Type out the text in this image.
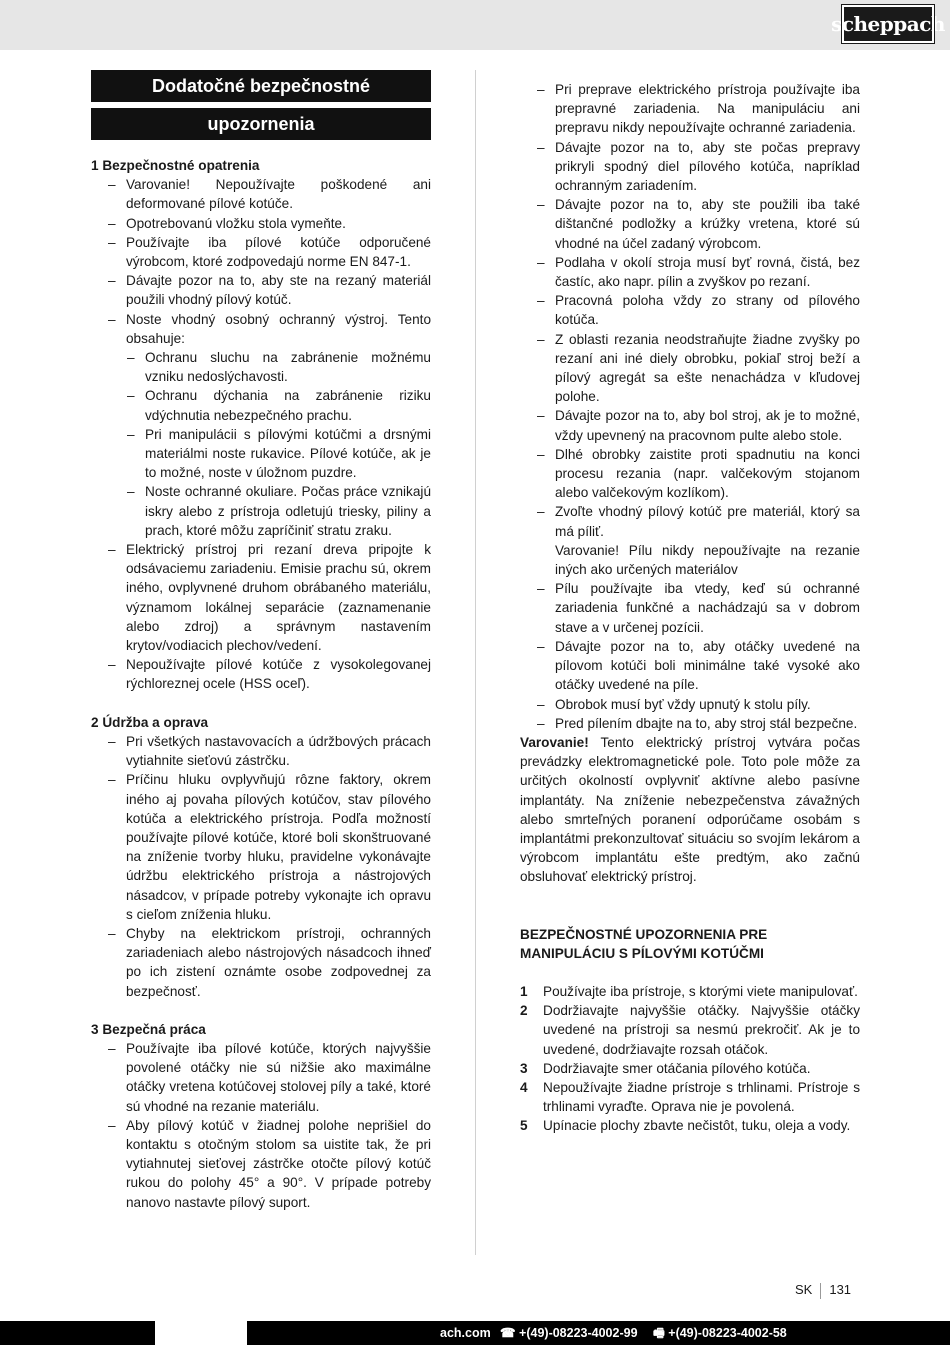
scheppach
Dodatočné bezpečnostné
upozornenia
1 Bezpečnostné opatrenia
– Varovanie! Nepoužívajte poškodené ani deformované pílové kotúče.
– Opotrebovanú vložku stola vymeňte.
– Používajte iba pílové kotúče odporučené výrobcom, ktoré zodpovedajú norme EN 847-1.
– Dávajte pozor na to, aby ste na rezaný materiál použili vhodný pílový kotúč.
– Noste vhodný osobný ochranný výstroj. Tento obsahuje:
– Ochranu sluchu na zabránenie možnému vzniku nedoslýchavosti.
– Ochranu dýchania na zabránenie riziku vdýchnutia nebezpečného prachu.
– Pri manipulácii s pílovými kotúčmi a drsnými materiálmi noste rukavice. Pílové kotúče, ak je to možné, noste v úložnom puzdre.
– Noste ochranné okuliare. Počas práce vznikajú iskry alebo z prístroja odletujú triesky, piliny a prach, ktoré môžu zapríčiniť stratu zraku.
– Elektrický prístroj pri rezaní dreva pripojte k odsávaciemu zariadeniu. Emisie prachu sú, okrem iného, ovplyvnené druhom obrábaného materiálu, významom lokálnej separácie (zaznamenanie alebo zdroj) a správnym nastavením krytov/vodiacich plechov/vedení.
– Nepoužívajte pílové kotúče z vysokolegovanej rýchloreznej ocele (HSS oceľ).
2 Údržba a oprava
– Pri všetkých nastavovacích a údržbových prácach vytiahnite sieťovú zástrčku.
– Príčinu hluku ovplyvňujú rôzne faktory, okrem iného aj povaha pílových kotúčov, stav pílového kotúča a elektrického prístroja. Podľa možností používajte pílové kotúče, ktoré boli skonštruované na zníženie tvorby hluku, pravidelne vykonávajte údržbu elektrického prístroja a nástrojových násadcov, v prípade potreby vykonajte ich opravu s cieľom zníženia hluku.
– Chyby na elektrickom prístroji, ochranných zariadeniach alebo nástrojových násadcoch ihneď po ich zistení oznámte osobe zodpovednej za bezpečnosť.
3 Bezpečná práca
– Používajte iba pílové kotúče, ktorých najvyššie povolené otáčky nie sú nižšie ako maximálne otáčky vretena kotúčovej stolovej píly a také, ktoré sú vhodné na rezanie materiálu.
– Aby pílový kotúč v žiadnej polohe neprišiel do kontaktu s otočným stolom sa uistite tak, že pri vytiahnutej sieťovej zástrčke otočte pílový kotúč rukou do polohy 45° a 90°. V prípade potreby nanovo nastavte pílový suport.
– Pri preprave elektrického prístroja používajte iba prepravné zariadenia. Na manipuláciu ani prepravu nikdy nepoužívajte ochranné zariadenia.
– Dávajte pozor na to, aby ste počas prepravy prikryli spodný diel pílového kotúča, napríklad ochranným zariadením.
– Dávajte pozor na to, aby ste použili iba také dištančné podložky a krúžky vretena, ktoré sú vhodné na účel zadaný výrobcom.
– Podlaha v okolí stroja musí byť rovná, čistá, bez častíc, ako napr. pílin a zvyškov po rezaní.
– Pracovná poloha vždy zo strany od pílového kotúča.
– Z oblasti rezania neodstraňujte žiadne zvyšky po rezaní ani iné diely obrobku, pokiaľ stroj beží a pílový agregát sa ešte nenachádza v kľudovej polohe.
– Dávajte pozor na to, aby bol stroj, ak je to možné, vždy upevnený na pracovnom pulte alebo stole.
– Dlhé obrobky zaistite proti spadnutiu na konci procesu rezania (napr. valčekovým stojanom alebo valčekovým kozlíkom).
– Zvoľte vhodný pílový kotúč pre materiál, ktorý sa má píliť.
Varovanie! Pílu nikdy nepoužívajte na rezanie iných ako určených materiálov
– Pílu používajte iba vtedy, keď sú ochranné zariadenia funkčné a nachádzajú sa v dobrom stave a v určenej pozícii.
– Dávajte pozor na to, aby otáčky uvedené na pílovom kotúči boli minimálne také vysoké ako otáčky uvedené na píle.
– Obrobok musí byť vždy upnutý k stolu píly.
– Pred pílením dbajte na to, aby stroj stál bezpečne.
Varovanie! Tento elektrický prístroj vytvára počas prevádzky elektromagnetické pole. Toto pole môže za určitých okolností ovplyvniť aktívne alebo pasívne implantáty. Na zníženie nebezpečenstva závažných alebo smrteľných poranení odporúčame osobám s implantátmi prekonzultovať situáciu so svojím lekárom a výrobcom implantátu ešte predtým, ako začnú obsluhovať elektrický prístroj.
BEZPEČNOSTNÉ UPOZORNENIA PRE MANIPULÁCIU S PÍLOVÝMI KOTÚČMI
1 Používajte iba prístroje, s ktorými viete manipulovať.
2 Dodržiavajte najvyššie otáčky. Najvyššie otáčky uvedené na prístroji sa nesmú prekročiť. Ak je to uvedené, dodržiavajte rozsah otáčok.
3 Dodržiavajte smer otáčania pílového kotúča.
4 Nepoužívajte žiadne prístroje s trhlinami. Prístroje s trhlinami vyraďte. Oprava nie je povolená.
5 Upínacie plochy zbavte nečistôt, tuku, oleja a vody.
SK 131
ach.com ☎ +(49)-08223-4002-99 🖷 +(49)-08223-4002-58
